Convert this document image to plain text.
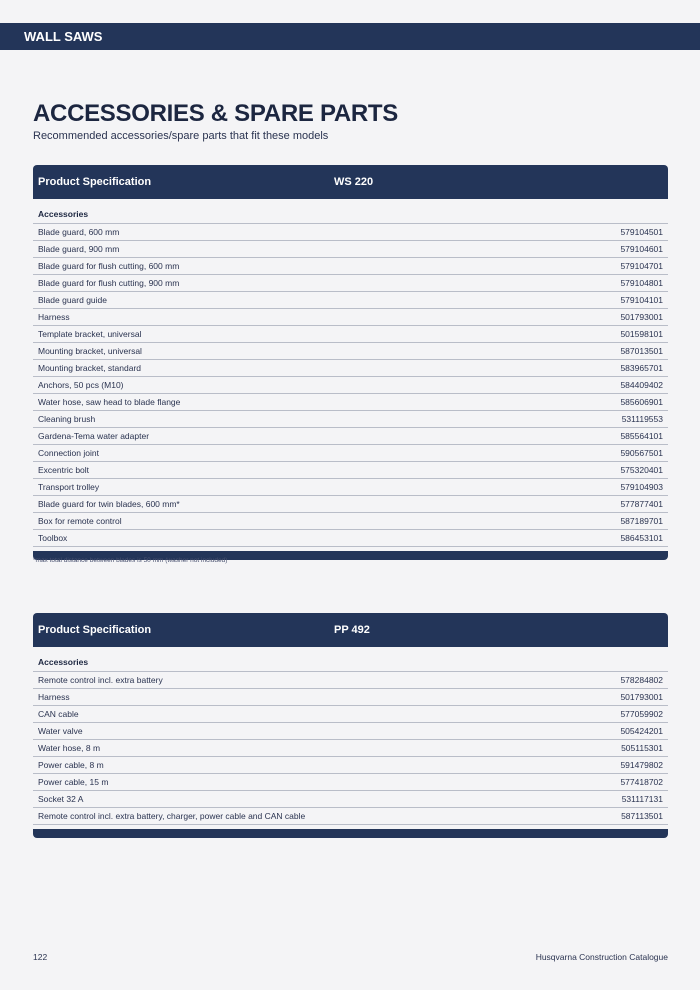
WALL SAWS
ACCESSORIES & SPARE PARTS
Recommended accessories/spare parts that fit these models
Product Specification	WS 220
Accessories
Blade guard, 600 mm	579104501
Blade guard, 900 mm	579104601
Blade guard for flush cutting, 600 mm	579104701
Blade guard for flush cutting, 900 mm	579104801
Blade guard guide	579104101
Harness	501793001
Template bracket, universal	501598101
Mounting bracket, universal	587013501
Mounting bracket, standard	583965701
Anchors, 50 pcs (M10)	584409402
Water hose, saw head to blade flange	585606901
Cleaning brush	531119553
Gardena-Tema water adapter	585564101
Connection joint	590567501
Excentric bolt	575320401
Transport trolley	579104903
Blade guard for twin blades, 600 mm*	577877401
Box for remote control	587189701
Toolbox	586453101
*max total distance between blades is 50 mm (washer not included)
Product Specification	PP 492
Accessories
Remote control incl. extra battery	578284802
Harness	501793001
CAN cable	577059902
Water valve	505424201
Water hose, 8 m	505115301
Power cable, 8 m	591479802
Power cable, 15 m	577418702
Socket 32 A	531117131
Remote control incl. extra battery, charger, power cable and CAN cable	587113501
122	Husqvarna Construction Catalogue
